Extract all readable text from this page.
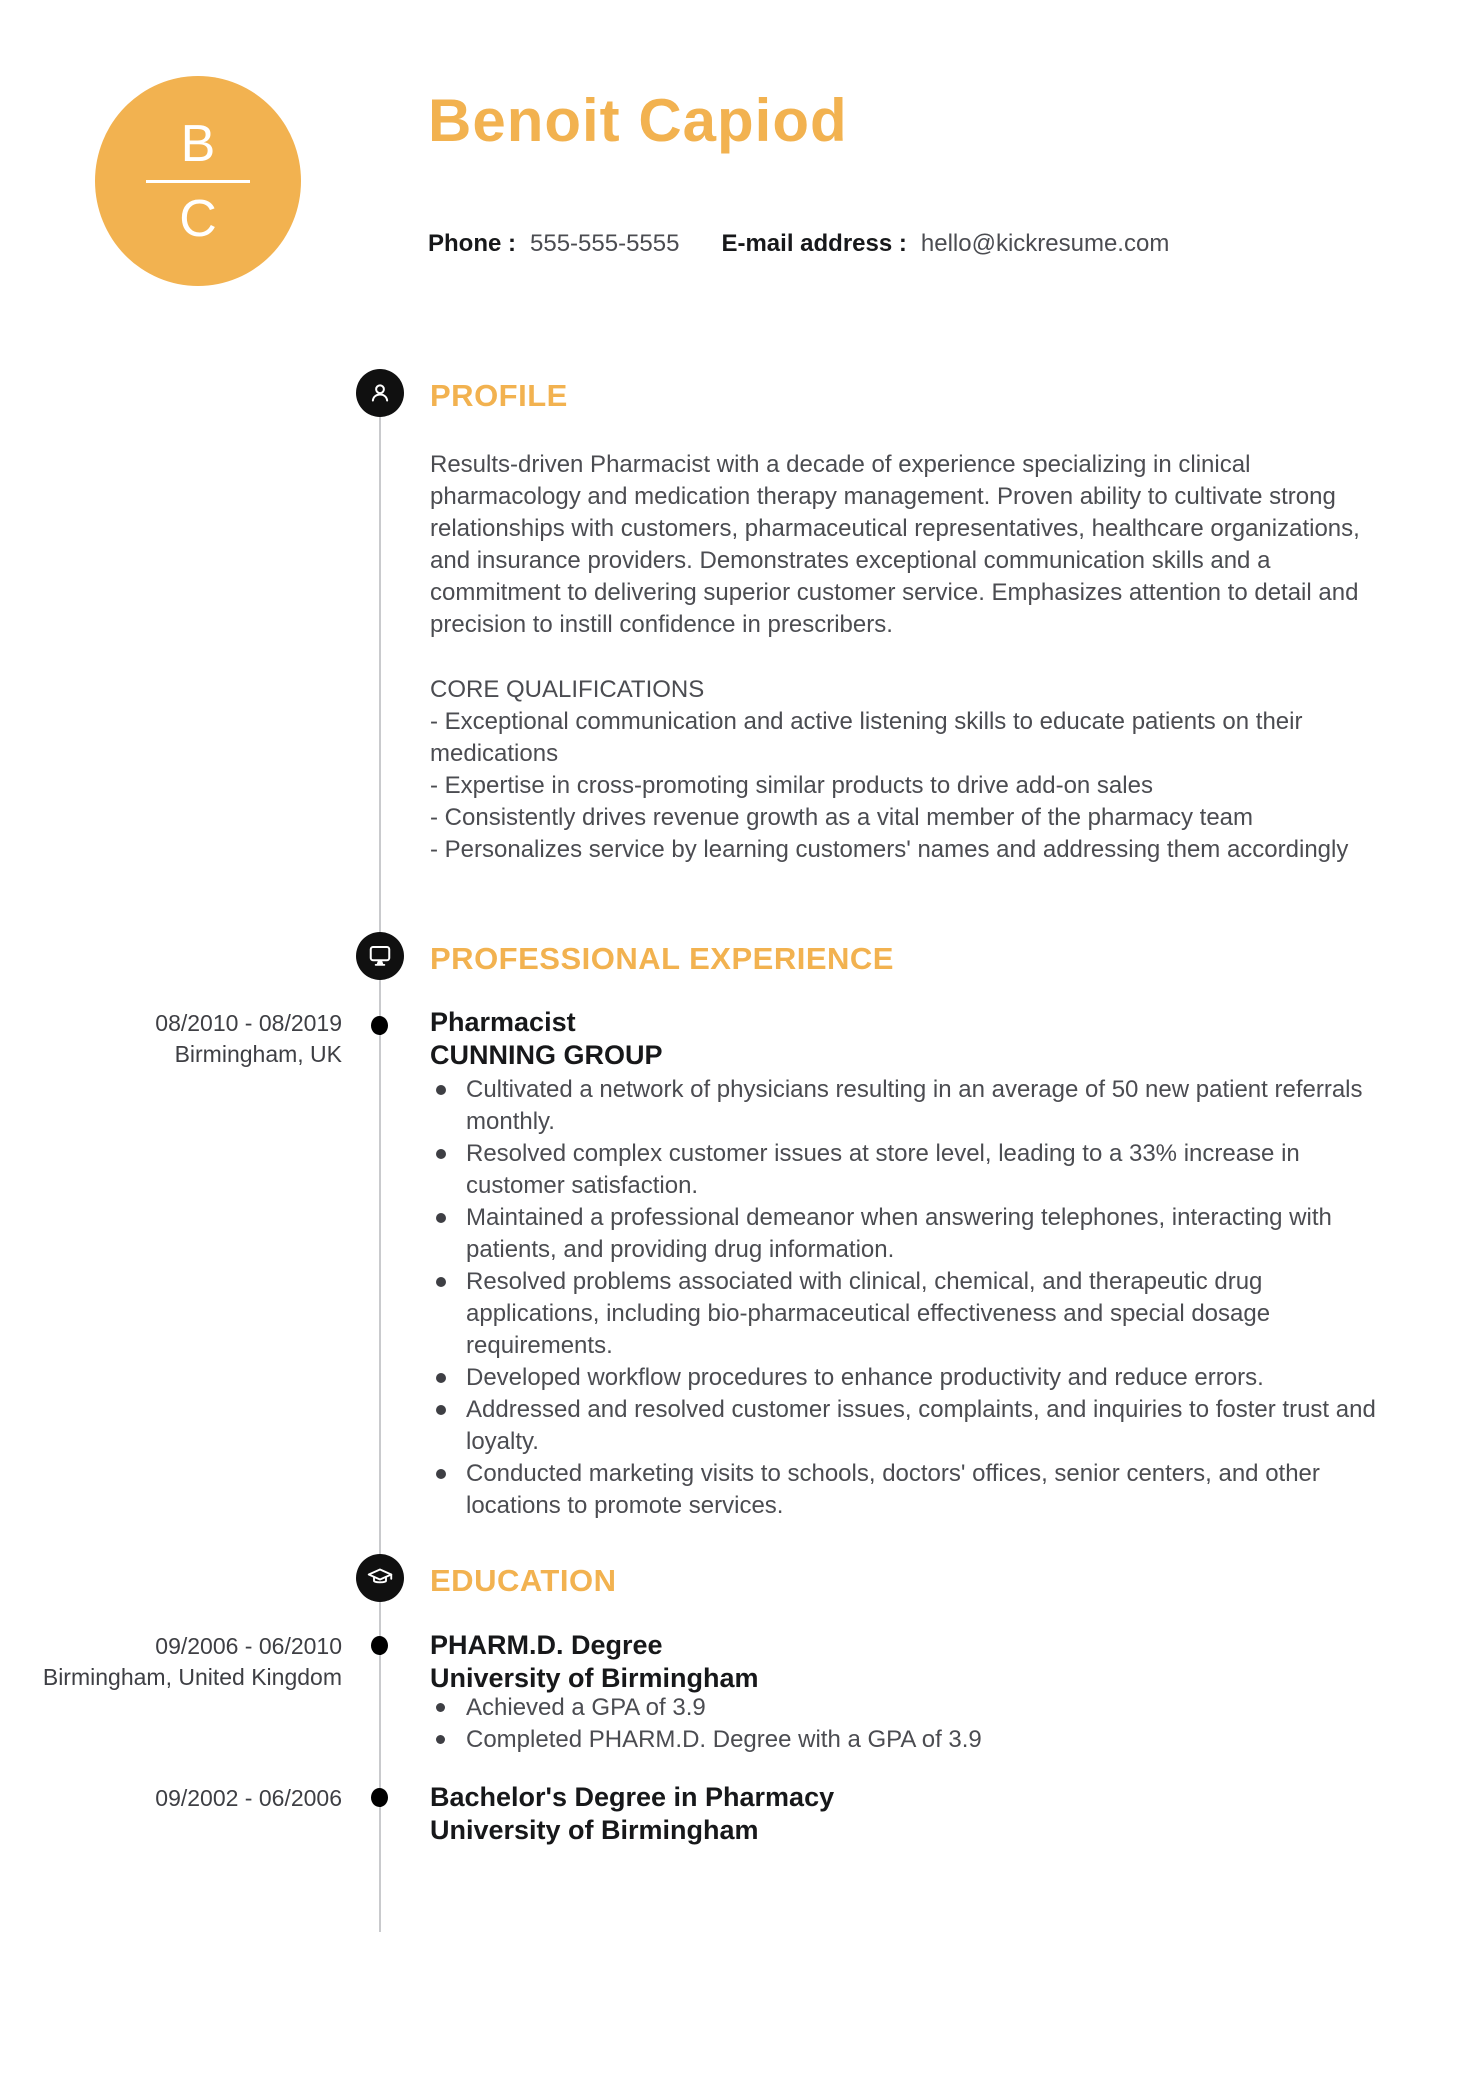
B
C
Benoit Capiod
Phone : 555-555-5555 E-mail address : hello@kickresume.com
PROFILE

Results-driven Pharmacist with a decade of experience specializing in clinical pharmacology and medication therapy management. Proven ability to cultivate strong relationships with customers, pharmaceutical representatives, healthcare organizations, and insurance providers. Demonstrates exceptional communication skills and a commitment to delivering superior customer service. Emphasizes attention to detail and precision to instill confidence in prescribers.

CORE QUALIFICATIONS
- Exceptional communication and active listening skills to educate patients on their medications
- Expertise in cross-promoting similar products to drive add-on sales
- Consistently drives revenue growth as a vital member of the pharmacy team
- Personalizes service by learning customers' names and addressing them accordingly
PROFESSIONAL EXPERIENCE
08/2010 - 08/2019
Birmingham, UK
Pharmacist
CUNNING GROUP
Cultivated a network of physicians resulting in an average of 50 new patient referrals monthly.
Resolved complex customer issues at store level, leading to a 33% increase in customer satisfaction.
Maintained a professional demeanor when answering telephones, interacting with patients, and providing drug information.
Resolved problems associated with clinical, chemical, and therapeutic drug applications, including bio-pharmaceutical effectiveness and special dosage requirements.
Developed workflow procedures to enhance productivity and reduce errors.
Addressed and resolved customer issues, complaints, and inquiries to foster trust and loyalty.
Conducted marketing visits to schools, doctors' offices, senior centers, and other locations to promote services.
EDUCATION
09/2006 - 06/2010
Birmingham, United Kingdom
PHARM.D. Degree
University of Birmingham
Achieved a GPA of 3.9
Completed PHARM.D. Degree with a GPA of 3.9
09/2002 - 06/2006	Bachelor's Degree in Pharmacy
University of Birmingham
